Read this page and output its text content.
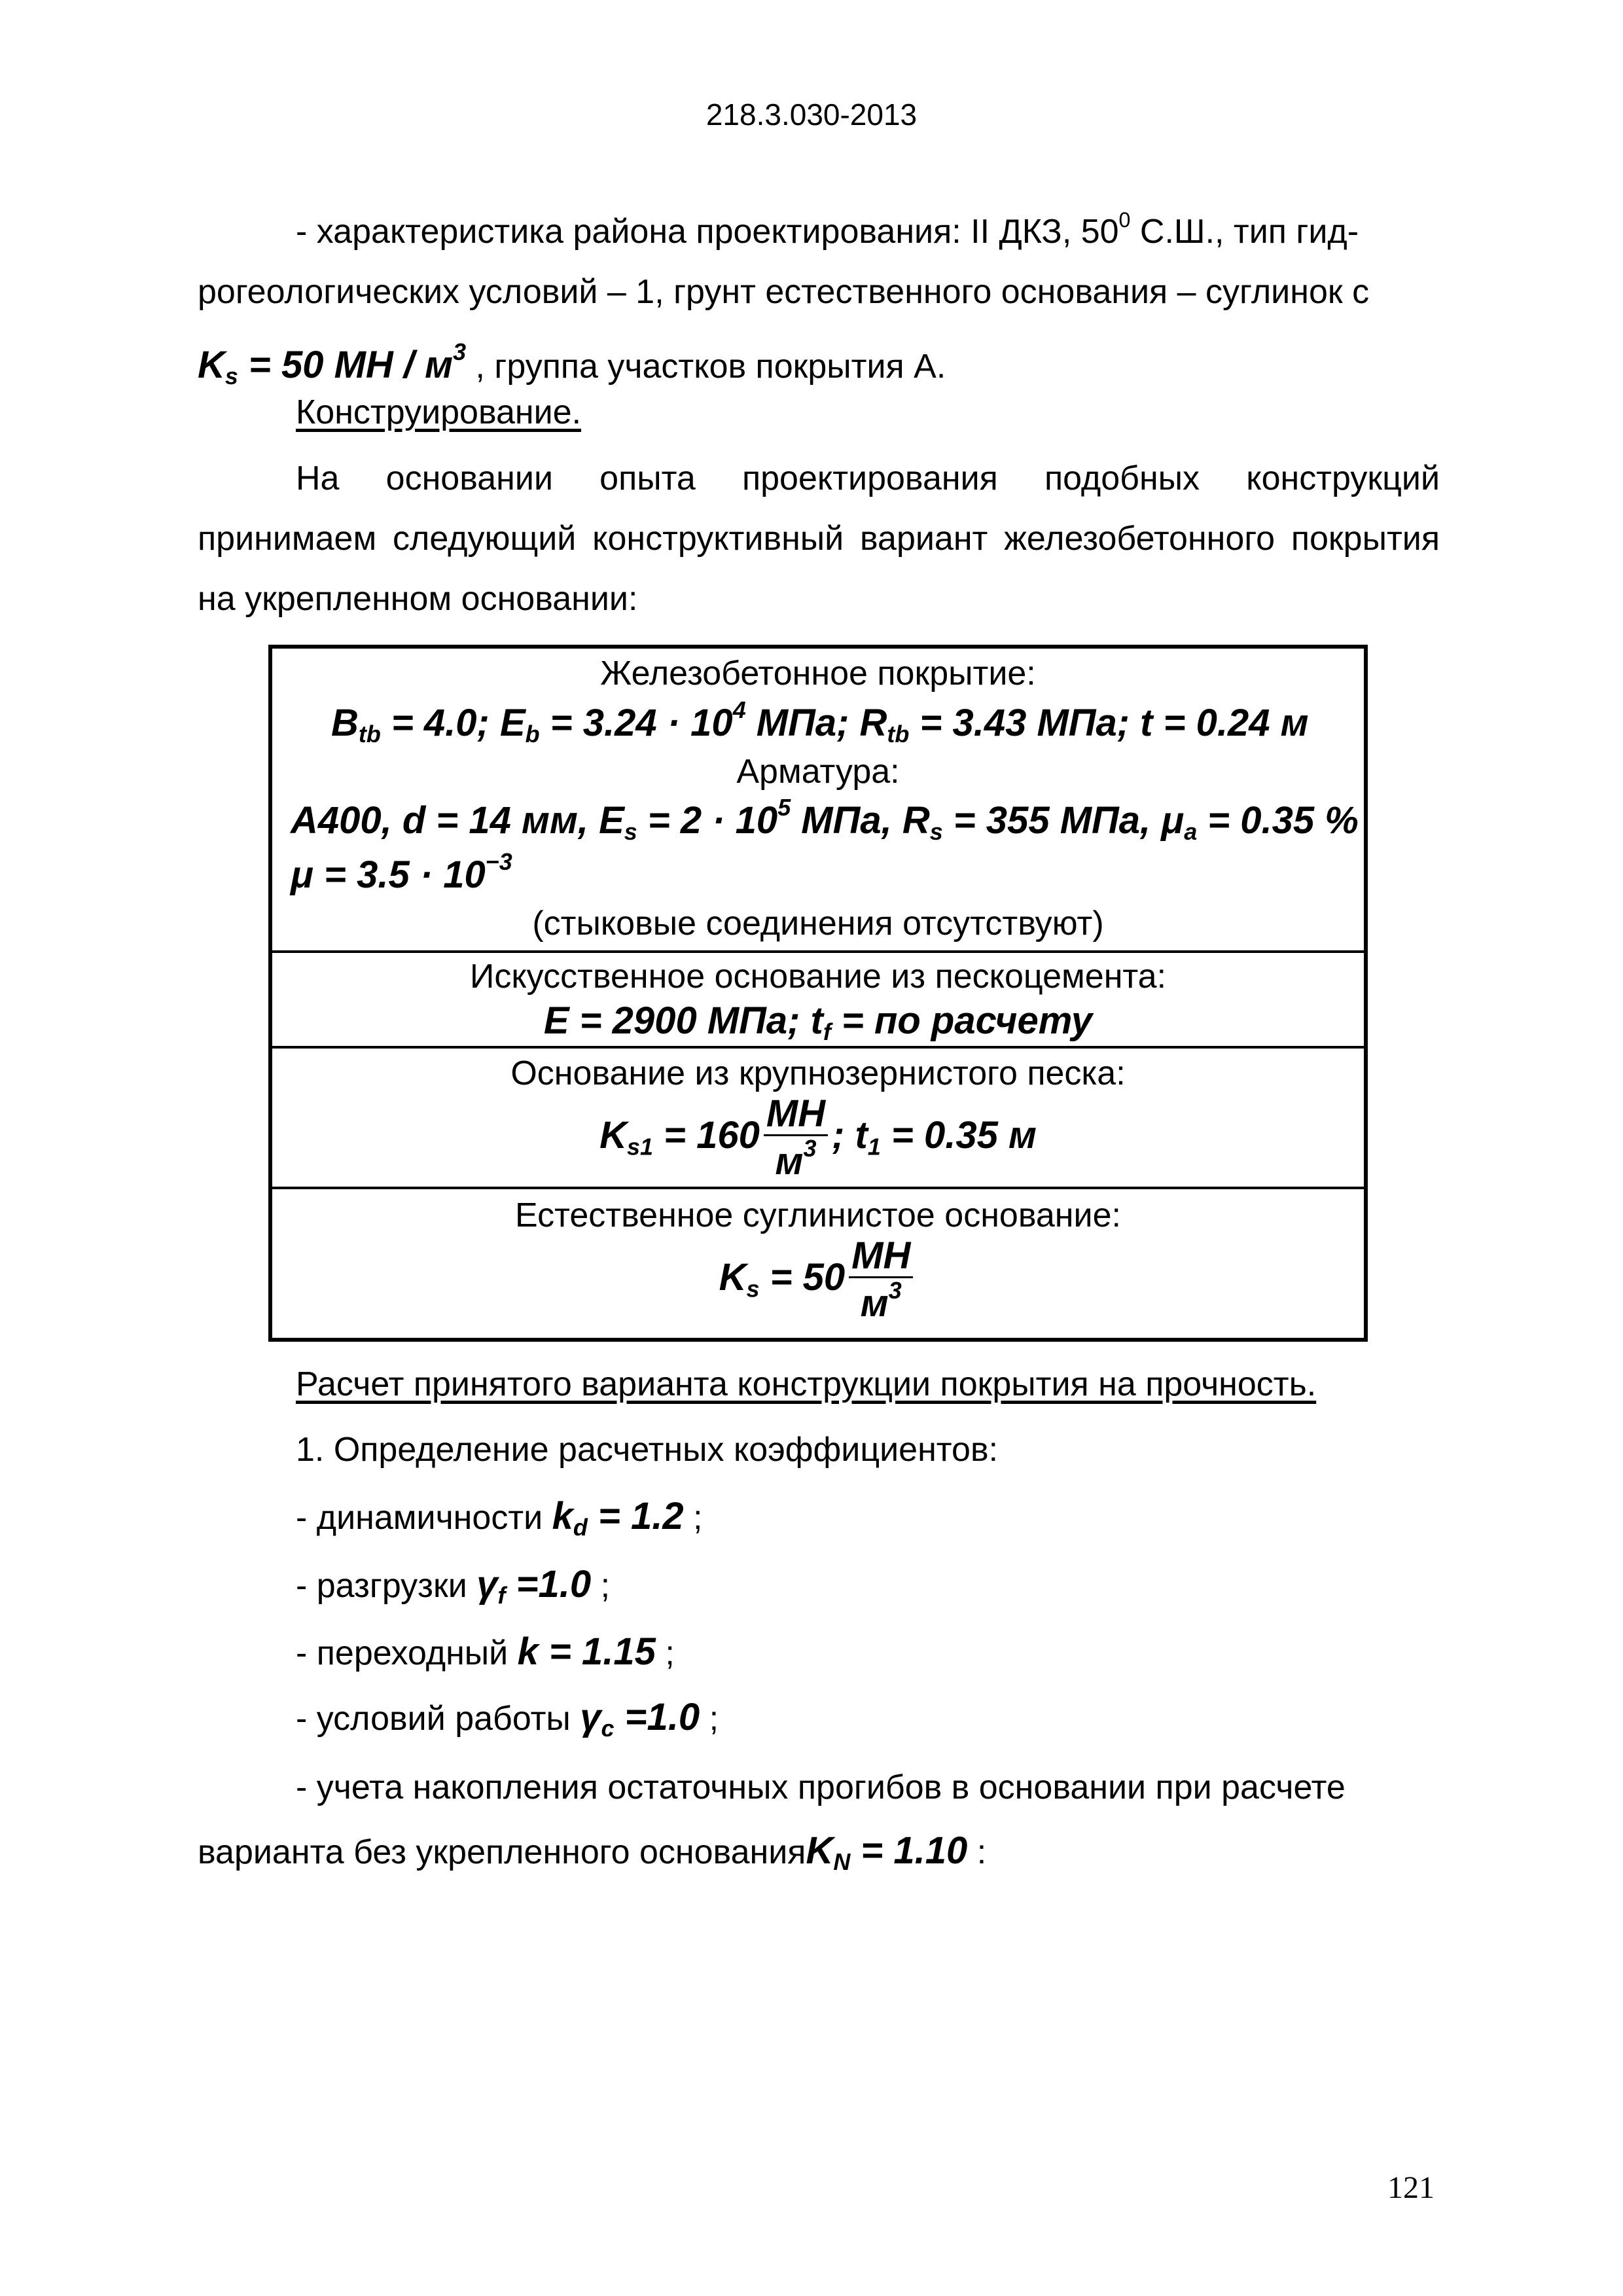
218.3.030-2013
- характеристика района проектирования: II ДКЗ, $50^0$ С.Ш., тип гид-
рогеологических условий – 1, грунт естественного основания – суглинок с
$K_s = 50$ МН / $м^3$ , группа участков покрытия А.
Конструирование.
На основании опыта проектирования подобных конструкций принимаем следующий конструктивный вариант железобетонного покрытия на укрепленном основании:
Железобетонное покрытие:
$B_{tb} = 4.0$; $E_b = 3.24 \cdot 10^4$ МПа; $R_{tb} = 3.43$ МПа; t = 0.24 м
Арматура:
A400, d = 14 мм, $E_s = 2 \cdot 10^5$ МПа, $R_s = 355$ МПа, $\mu_a = 0.35$ %
$\mu = 3.5 \cdot 10^{-3}$
(стыковые соединения отсутствуют)
Искусственное основание из пескоцемента:
E = 2900 МПа; $t_f$ = по расчету
Основание из крупнозернистого песка:
$K_{s1} = 160 \frac{МН}{м^3}$ ; $t_1 = 0.35$ м
Естественное суглинистое основание:
$K_s = 50 \frac{МН}{м^3}$
Расчет принятого варианта конструкции покрытия на прочность.
1. Определение расчетных коэффициентов:
- динамичности $k_d = 1.2$ ;
- разгрузки $\gamma_f =1.0$ ;
- переходный k = 1.15 ;
- условий работы $\gamma_c =1.0$ ;
- учета накопления остаточных прогибов в основании при расчете
варианта без укрепленного основанияK$_N$ = 1.10 :
121
